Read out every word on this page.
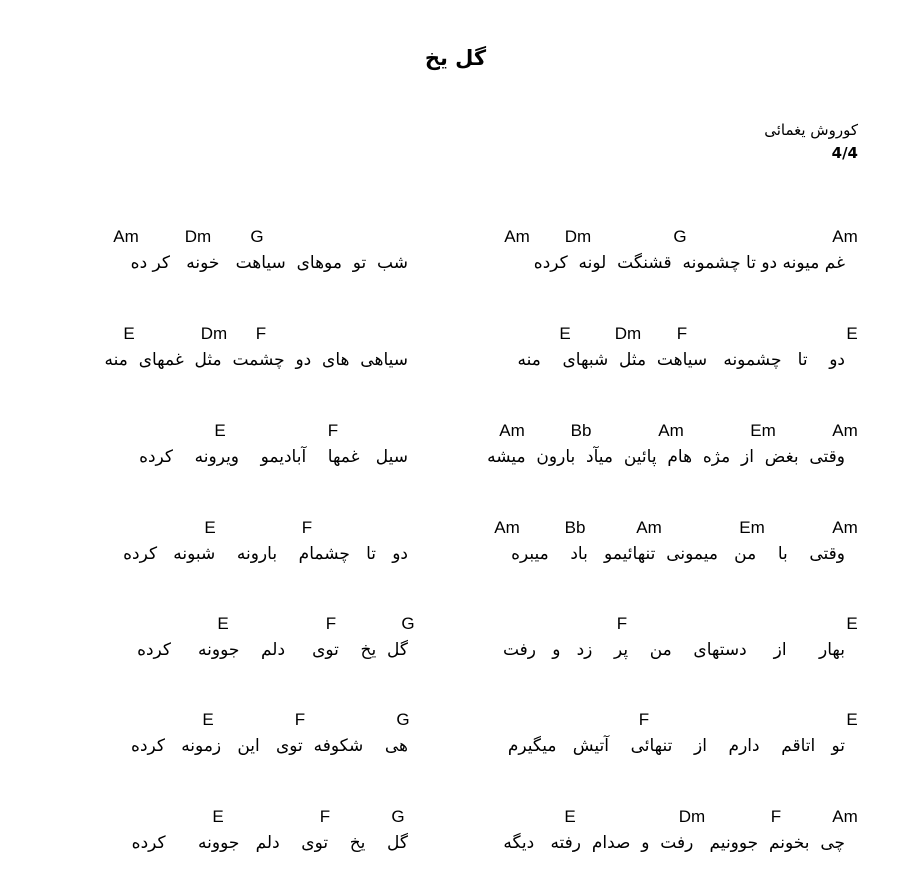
گل یخ
کوروش یغمائی
4/4
Am Dm	G	Am
غم میونه دو تا چشمونه  قشنگت  لونه  کرده
Am	Dm G
شب  تو  موهای  سیاهت   خونه   کر ده
E	Dm F	E
دو    تا   چشمونه   سیاهت  مثل  شبهای    منه
E	Dm F
سیاهی  های  دو  چشمت  مثل  غمهای  منه
Am	Bb	Am	Em	Am
وقتی  بغض  از  مژه  هام  پائین  میآد  بارون  میشه
E	F
سیل   غمها    آبادیمو    ویرونه    کرده
Am	Bb	Am	Em	Am
وقتی    با    من   میمونی  تنهائیمو   باد    میبره
E	F
دو   تا   چشمام    بارونه    شبونه   کرده
F	E
بهار      از     دستهای    من    پر    زد   و   رفت
E	F	G
گل  یخ    توی     دلم    جوونه     کرده
F	E
تو   اتاقم    دارم    از    تنهائی    آتیش   میگیرم
E	F	G
هی    شکوفه  توی   این   زمونه   کرده
E	Dm	F	Am
چی  بخونم  جوونیم   رفت  و  صدام  رفته   دیگه
E	F	G
گل    یخ    توی    دلم   جوونه      کرده
